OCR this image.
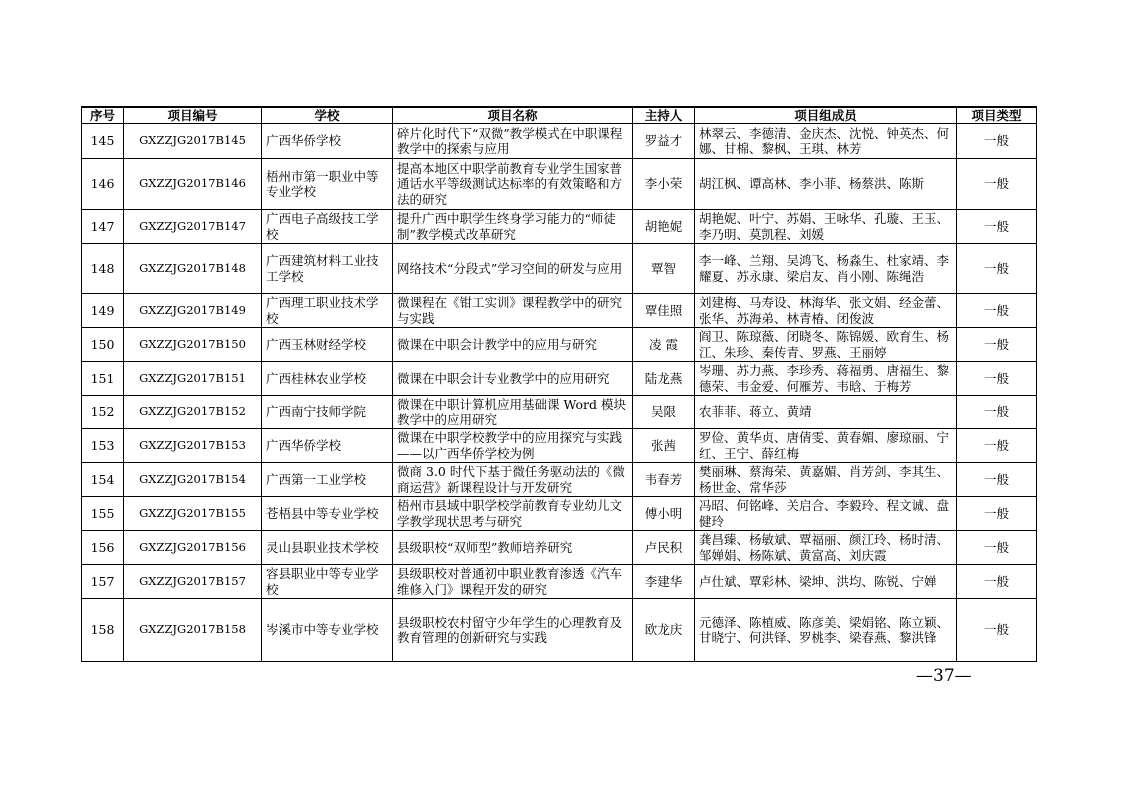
序号	项目编号	学校	项目名称	主持人	项目组成员	项目类型
145	GXZZJG2017B145	广西华侨学校	碎片化时代下“双微”教学模式在中职课程教学中的探索与应用	罗益才	林翠云、李德清、金庆杰、沈悦、钟英杰、何娜、甘棉、黎枫、王琪、林芳	一般
146	GXZZJG2017B146	梧州市第一职业中等专业学校	提高本地区中职学前教育专业学生国家普通话水平等级测试达标率的有效策略和方法的研究	李小荣	胡江枫、谭高林、李小菲、杨蔡洪、陈斯	一般
147	GXZZJG2017B147	广西电子高级技工学校	提升广西中职学生终身学习能力的“师徒制”教学模式改革研究	胡艳妮	胡艳妮、叶宁、苏娟、王咏华、孔璇、王玉、李乃明、莫凯程、刘媛	一般
148	GXZZJG2017B148	广西建筑材料工业技工学校	网络技术“分段式”学习空间的研发与应用	覃智	李一峰、兰翔、吴鸿飞、杨淼生、杜家靖、李耀夏、苏永康、梁启友、肖小刚、陈绳浩	一般
149	GXZZJG2017B149	广西理工职业技术学校	微课程在《钳工实训》课程教学中的研究与实践	覃佳照	刘建梅、马寿设、林海华、张文娟、经金蕾、张华、苏海弟、林青椿、闭俊波	一般
150	GXZZJG2017B150	广西玉林财经学校	微课在中职会计教学中的应用与研究	凌 霞	阎卫、陈琼薇、闭晓冬、陈锦媛、欧育生、杨江、朱珍、秦传青、罗燕、王丽婷	一般
151	GXZZJG2017B151	广西桂林农业学校	微课在中职会计专业教学中的应用研究	陆龙燕	岑珊、苏力燕、李珍秀、蒋福勇、唐福生、黎德荣、韦金爱、何雁芳、韦晗、于梅芳	一般
152	GXZZJG2017B152	广西南宁技师学院	微课在中职计算机应用基础课 Word 模块教学中的应用研究	吴限	农菲菲、蒋立、黄靖	一般
153	GXZZJG2017B153	广西华侨学校	微课在中职学校教学中的应用探究与实践——以广西华侨学校为例	张茜	罗俭、黄华贞、唐倩雯、黄春媚、廖琼丽、宁红、王宁、薛红梅	一般
154	GXZZJG2017B154	广西第一工业学校	微商 3.0 时代下基于微任务驱动法的《微商运营》新课程设计与开发研究	韦春芳	樊丽琳、蔡海荣、黄嘉媚、肖芳剑、李其生、杨世金、常华莎	一般
155	GXZZJG2017B155	苍梧县中等专业学校	梧州市县域中职学校学前教育专业幼儿文学教学现状思考与研究	傅小明	冯昭、何铭峰、关启合、李毅玲、程文诚、盘健玲	一般
156	GXZZJG2017B156	灵山县职业技术学校	县级职校“双师型”教师培养研究	卢民积	龚昌臻、杨敏斌、覃福丽、颜江玲、杨时清、邹婵娟、杨陈斌、黄富高、刘庆霞	一般
157	GXZZJG2017B157	容县职业中等专业学校	县级职校对普通初中职业教育渗透《汽车维修入门》课程开发的研究	李建华	卢仕斌、覃彩林、梁坤、洪均、陈锐、宁婵	一般
158	GXZZJG2017B158	岑溪市中等专业学校	县级职校农村留守少年学生的心理教育及教育管理的创新研究与实践	欧龙庆	元德泽、陈植威、陈彦美、梁娟铭、陈立颖、甘晓宁、何洪铎、罗桃李、梁春燕、黎洪锋	一般
—37—
